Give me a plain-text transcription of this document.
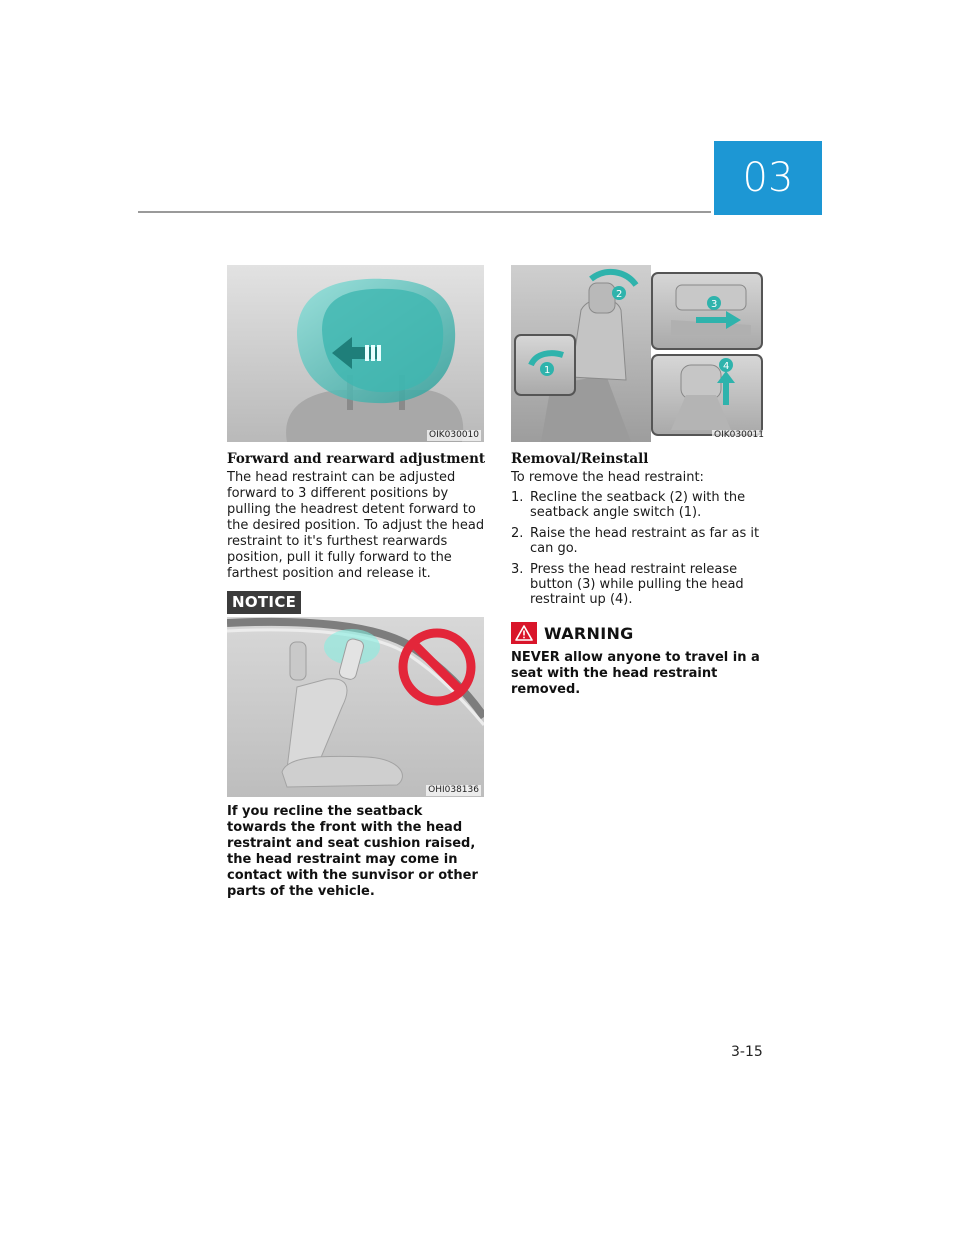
03
OIK030010
Forward and rearward adjustment

The head restraint can be adjusted forward to 3 different positions by pulling the headrest detent forward to the desired position. To adjust the head restraint to it's furthest rearwards position, pull it fully forward to the farthest position and release it.

NOTICE
OHI038136

If you recline the seatback towards the front with the head restraint and seat cushion raised, the head restraint may come in contact with the sunvisor or other parts of the vehicle.

2
1
3
4
OIK030011
Removal/Reinstall

To remove the head restraint:

1. Recline the seatback (2) with the seatback angle switch (1).
2. Raise the head restraint as far as it can go.
3. Press the head restraint release button (3) while pulling the head restraint up (4).
WARNING

NEVER allow anyone to travel in a seat with the head restraint removed.

3-15
